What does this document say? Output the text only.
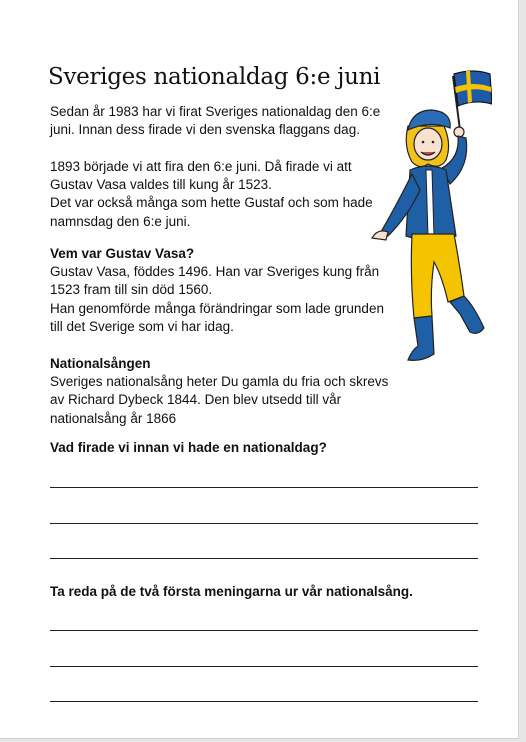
Sveriges nationaldag 6:e juni
Sedan år 1983 har vi firat Sveriges nationaldag den 6:e
juni. Innan dess firade vi den svenska flaggans dag.
1893 började vi att fira den 6:e juni. Då firade vi att
Gustav Vasa valdes till kung år 1523.
Det var också många som hette Gustaf och som hade
namnsdag den 6:e juni.
Vem var Gustav Vasa?
Gustav Vasa, föddes 1496. Han var Sveriges kung från
1523 fram till sin död 1560.
Han genomförde många förändringar som lade grunden
till det Sverige som vi har idag.
Nationalsången
Sveriges nationalsång heter Du gamla du fria och skrevs
av Richard Dybeck 1844. Den blev utsedd till vår
nationalsång år 1866
Vad firade vi innan vi hade en nationaldag?
Ta reda på de två första meningarna ur vår nationalsång.
